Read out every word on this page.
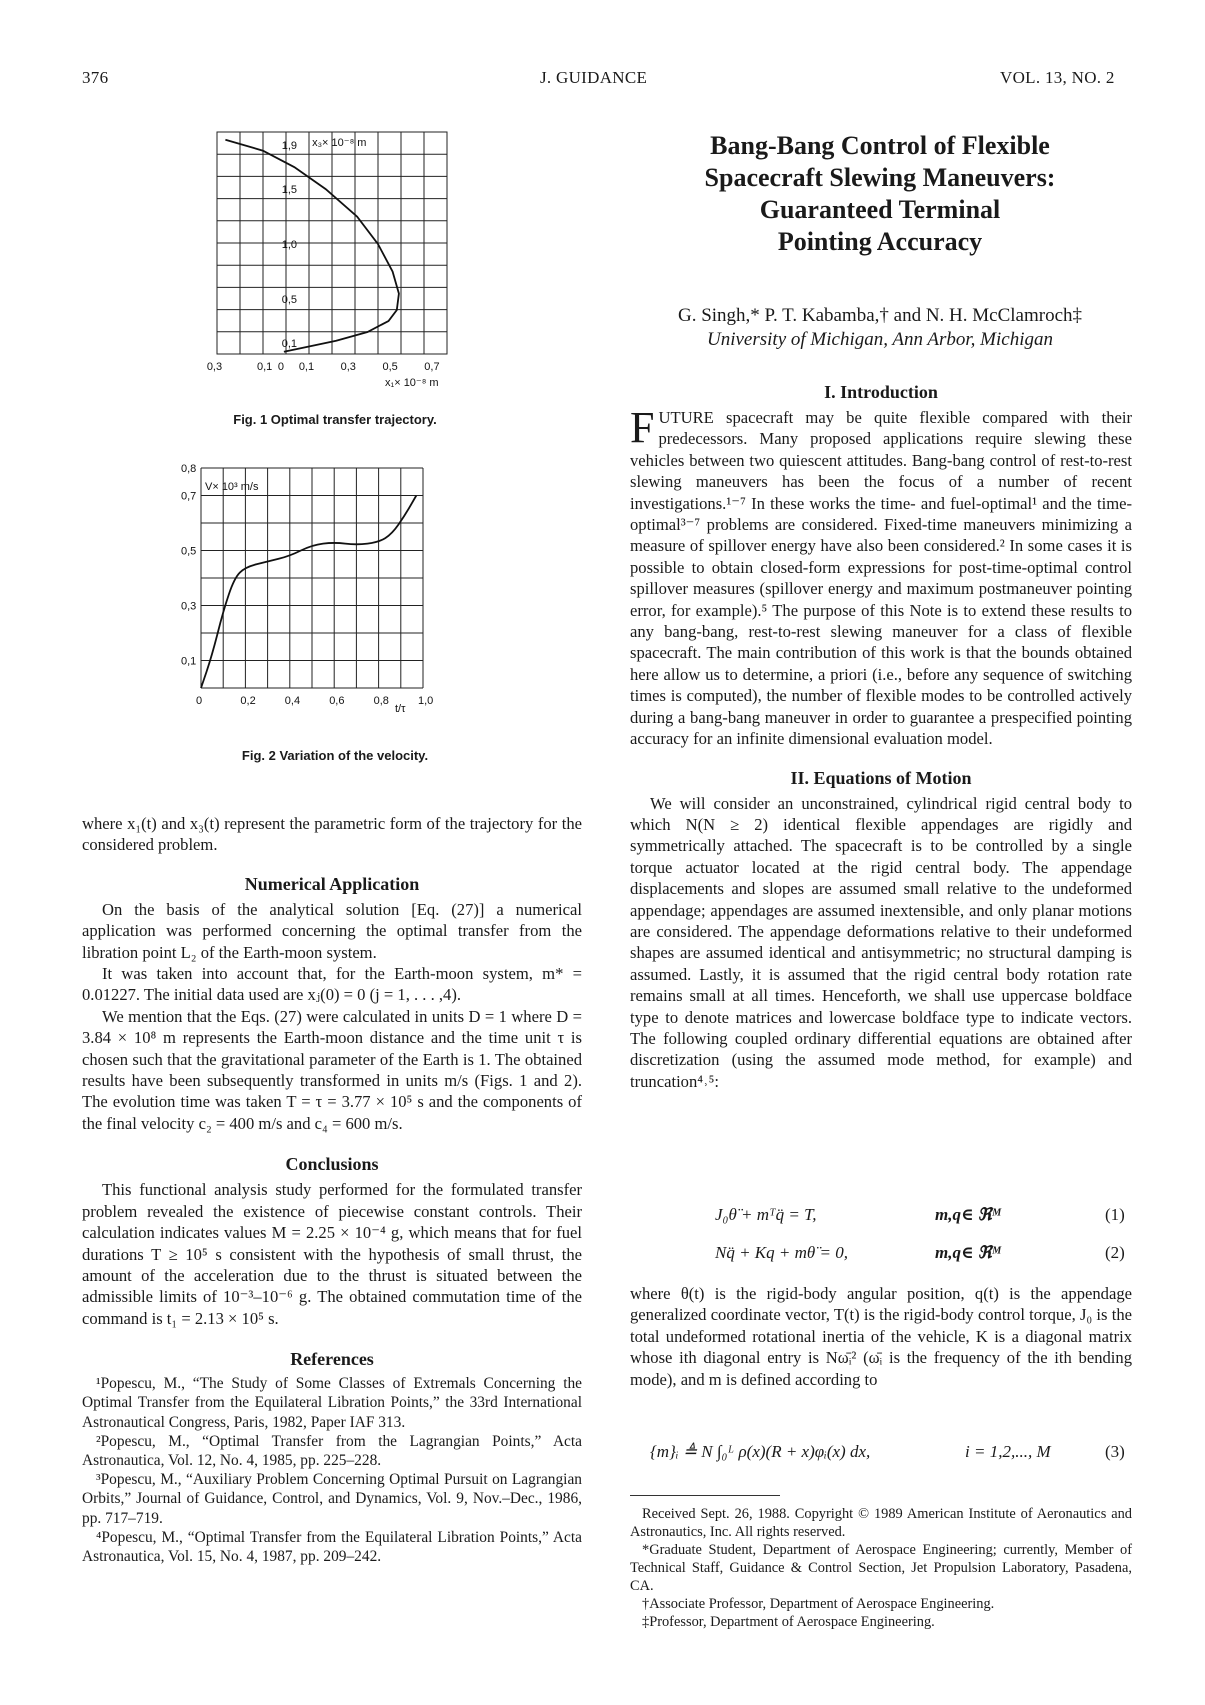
376	J. GUIDANCE	VOL. 13, NO. 2
1,9
1,5
1,0
0,5
0,1
0,3	0,1 0 0,1 0,3 0,5 0,7
x₁× 10⁻⁸ m
x₃× 10⁻⁸ m
Fig. 1 Optimal transfer trajectory.
0,8
0,7
0,5
0,3
0,1
0	0,2	0,4	0,6	0,8	1,0
t/τ
V× 10³ m/s
Fig. 2 Variation of the velocity.

where x₁(t) and x₃(t) represent the parametric form of the trajectory for the considered problem.

Numerical Application

On the basis of the analytical solution [Eq. (27)] a numerical application was performed concerning the optimal transfer from the libration point L₂ of the Earth-moon system.

It was taken into account that, for the Earth-moon system, m* = 0.01227. The initial data used are xⱼ(0) = 0 (j = 1, . . . ,4).

We mention that the Eqs. (27) were calculated in units D = 1 where D = 3.84 × 10⁸ m represents the Earth-moon distance and the time unit τ is chosen such that the gravitational parameter of the Earth is 1. The obtained results have been subsequently transformed in units m/s (Figs. 1 and 2). The evolution time was taken T = τ = 3.77 × 10⁵ s and the components of the final velocity c₂ = 400 m/s and c₄ = 600 m/s.

Conclusions

This functional analysis study performed for the formulated transfer problem revealed the existence of piecewise constant controls. Their calculation indicates values M = 2.25 × 10⁻⁴ g, which means that for fuel durations T ≥ 10⁵ s consistent with the hypothesis of small thrust, the amount of the acceleration due to the thrust is situated between the admissible limits of 10⁻³–10⁻⁶ g. The obtained commutation time of the command is t₁ = 2.13 × 10⁵ s.

References

¹Popescu, M., “The Study of Some Classes of Extremals Concerning the Optimal Transfer from the Equilateral Libration Points,” the 33rd International Astronautical Congress, Paris, 1982, Paper IAF 313.

²Popescu, M., “Optimal Transfer from the Lagrangian Points,” Acta Astronautica, Vol. 12, No. 4, 1985, pp. 225–228.

³Popescu, M., “Auxiliary Problem Concerning Optimal Pursuit on Lagrangian Orbits,” Journal of Guidance, Control, and Dynamics, Vol. 9, Nov.–Dec., 1986, pp. 717–719.

⁴Popescu, M., “Optimal Transfer from the Equilateral Libration Points,” Acta Astronautica, Vol. 15, No. 4, 1987, pp. 209–242.

Bang-Bang Control of Flexible
Spacecraft Slewing Maneuvers:
Guaranteed Terminal
Pointing Accuracy
G. Singh,* P. T. Kabamba,† and N. H. McClamroch‡
University of Michigan, Ann Arbor, Michigan
I. Introduction

FUTURE spacecraft may be quite flexible compared with their predecessors. Many proposed applications require slewing these vehicles between two quiescent attitudes. Bang-bang control of rest-to-rest slewing maneuvers has been the focus of a number of recent investigations.¹⁻⁷ In these works the time- and fuel-optimal¹ and the time-optimal³⁻⁷ problems are considered. Fixed-time maneuvers minimizing a measure of spillover energy have also been considered.² In some cases it is possible to obtain closed-form expressions for post-time-optimal control spillover measures (spillover energy and maximum postmaneuver pointing error, for example).⁵ The purpose of this Note is to extend these results to any bang-bang, rest-to-rest slewing maneuver for a class of flexible spacecraft. The main contribution of this work is that the bounds obtained here allow us to determine, a priori (i.e., before any sequence of switching times is computed), the number of flexible modes to be controlled actively during a bang-bang maneuver in order to guarantee a prespecified pointing accuracy for an infinite dimensional evaluation model.

II. Equations of Motion

We will consider an unconstrained, cylindrical rigid central body to which N(N ≥ 2) identical flexible appendages are rigidly and symmetrically attached. The spacecraft is to be controlled by a single torque actuator located at the rigid central body. The appendage displacements and slopes are assumed small relative to the undeformed appendage; appendages are assumed inextensible, and only planar motions are considered. The appendage deformations relative to their undeformed shapes are assumed identical and antisymmetric; no structural damping is assumed. Lastly, it is assumed that the rigid central body rotation rate remains small at all times. Henceforth, we shall use uppercase boldface type to denote matrices and lowercase boldface type to indicate vectors. The following coupled ordinary differential equations are obtained after discretization (using the assumed mode method, for example) and truncation⁴˒⁵:

J₀θ̈ + mᵀq̈ = T,	m,q∈ ℜᴹ	(1)
Nq̈ + Kq + mθ̈ = 0,	m,q∈ ℜᴹ	(2)

where θ(t) is the rigid-body angular position, q(t) is the appendage generalized coordinate vector, T(t) is the rigid-body control torque, J₀ is the total undeformed rotational inertia of the vehicle, K is a diagonal matrix whose ith diagonal entry is Nω̄ᵢ² (ω̄ᵢ is the frequency of the ith bending mode), and m is defined according to

{m}ᵢ ≜ N ∫₀ᴸ ρ(x)(R + x)φᵢ(x) dx,	i = 1,2,..., M	(3)

Received Sept. 26, 1988. Copyright © 1989 American Institute of Aeronautics and Astronautics, Inc. All rights reserved.

*Graduate Student, Department of Aerospace Engineering; currently, Member of Technical Staff, Guidance & Control Section, Jet Propulsion Laboratory, Pasadena, CA.

†Associate Professor, Department of Aerospace Engineering.

‡Professor, Department of Aerospace Engineering.
